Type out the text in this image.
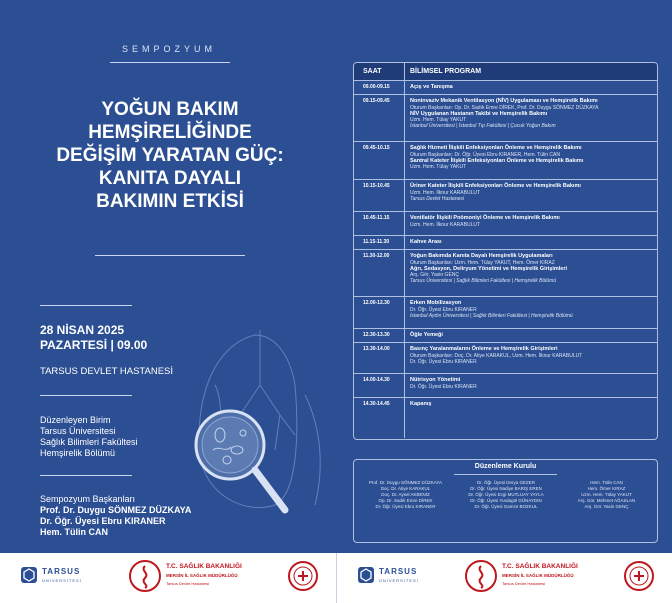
SEMPOZYUM
YOĞUN BAKIM
HEMŞİRELİĞİNDE
DEĞİŞİM YARATAN GÜÇ:
KANITA DAYALI
BAKIMIN ETKİSİ
28 NİSAN 2025
PAZARTESİ | 09.00
TARSUS DEVLET HASTANESİ
Düzenleyen Birim
Tarsus Üniversitesi
Sağlık Bilimleri Fakültesi
Hemşirelik Bölümü
Sempozyum Başkanları
Prof. Dr. Duygu SÖNMEZ DÜZKAYA
Dr. Öğr. Üyesi Ebru KIRANER
Hem. Tülin CAN
SAAT	BİLİMSEL PROGRAM
09.00-09.15	Açış ve Tanışma
09.15-09.45	Noninvaziv Mekanik Ventilasyon (NİV) Uygulaması ve Hemşirelik Bakımı
Oturum Başkanları: Op. Dr. Sadık Emre DİREK, Prof. Dr. Duygu SÖNMEZ DÜZKAYA
NİV Uygulanan Hastanın Takibi ve Hemşirelik Bakımı
Uzm. Hem. Tülay YAKUT
İstanbul Üniversitesi | İstanbul Tıp Fakültesi | Çocuk Yoğun Bakım
09.45-10.15	Sağlık Hizmeti İlişkili Enfeksiyonları Önleme ve Hemşirelik Bakımı
Oturum Başkanları: Dr. Öğr. Üyesi Ebru KIRANER, Hem. Tülin CAN
Santral Kateter İlişkili Enfeksiyonları Önleme ve Hemşirelik Bakımı
Uzm. Hem. Tülay YAKUT
10.15-10.45	Üriner Kateter İlişkili Enfeksiyonları Önleme ve Hemşirelik Bakımı
Uzm. Hem. İlknur KARABULUT
Tarsus Devlet Hastanesi
10.45-11.15	Ventilatör İlişkili Pnömoniyi Önleme ve Hemşirelik Bakımı
Uzm. Hem. İlknur KARABULUT
11.15-11.30	Kahve Arası
11.30-12.00	Yoğun Bakımda Kanıta Dayalı Hemşirelik Uygulamaları
Oturum Başkanları: Uzm. Hem. Tülay YAKUT, Hem. Ömer KIRAZ
Ağrı, Sedasyon, Deliryum Yönetimi ve Hemşirelik Girişimleri
Arş. Gör. Yasin GENÇ
Tarsus Üniversitesi | Sağlık Bilimleri Fakültesi | Hemşirelik Bölümü
12.00-12.30	Erken Mobilizasyon
Dr. Öğr. Üyesi Ebru KIRANER
İstanbul Aydın Üniversitesi | Sağlık Bilimleri Fakültesi | Hemşirelik Bölümü
12.30-13.30	Öğle Yemeği
13.30-14.00	Basınç Yaralanmalarını Önleme ve Hemşirelik Girişimleri
Oturum Başkanları: Doç. Dr. Atiye KARAKUL, Uzm. Hem. İlknur KARABULUT
Dr. Öğr. Üyesi Ebru KIRANER
14.00-14.30	Nütrisyon Yönetimi
Dr. Öğr. Üyesi Ebru KIRANER
14.30-14.45	Kapanış
Düzenleme Kurulu
Prof. Dr. Duygu SÖNMEZ DÜZKAYA
Doç. Dr. Atiye KARAKUL
Doç. Dr. Aysel AKBENİZ
Op. Dr. Sadık Emre DİREK
Dr. Öğr. Üyesi Ebru KIRANER
Dr. Öğr. Üyesi Derya GEZER
Dr. Öğr. Üyesi Nadiye BARIŞ EREN
Dr. Öğr. Üyesi Ezgi MUTLUAY YAYLA
Dr. Öğr. Üyesi Yurdagül GÜNAYDIN
Dr. Öğr. Üyesi Gamze BOZKUL
Hem. Tülin CAN
Hem. Ömer KIRAZ
Uzm. Hem. Tülay YAKUT
Arş. Gör. Mehmet AĞASLAN
Arş. Gör. Yasin GENÇ
TARSUS
ÜNİVERSİTESİ
T.C. SAĞLIK BAKANLIĞI
MERSİN İL SAĞLIK MÜDÜRLÜĞÜ
Tarsus Devlet Hastanesi
TARSUS
ÜNİVERSİTESİ
T.C. SAĞLIK BAKANLIĞI
MERSİN İL SAĞLIK MÜDÜRLÜĞÜ
Tarsus Devlet Hastanesi
